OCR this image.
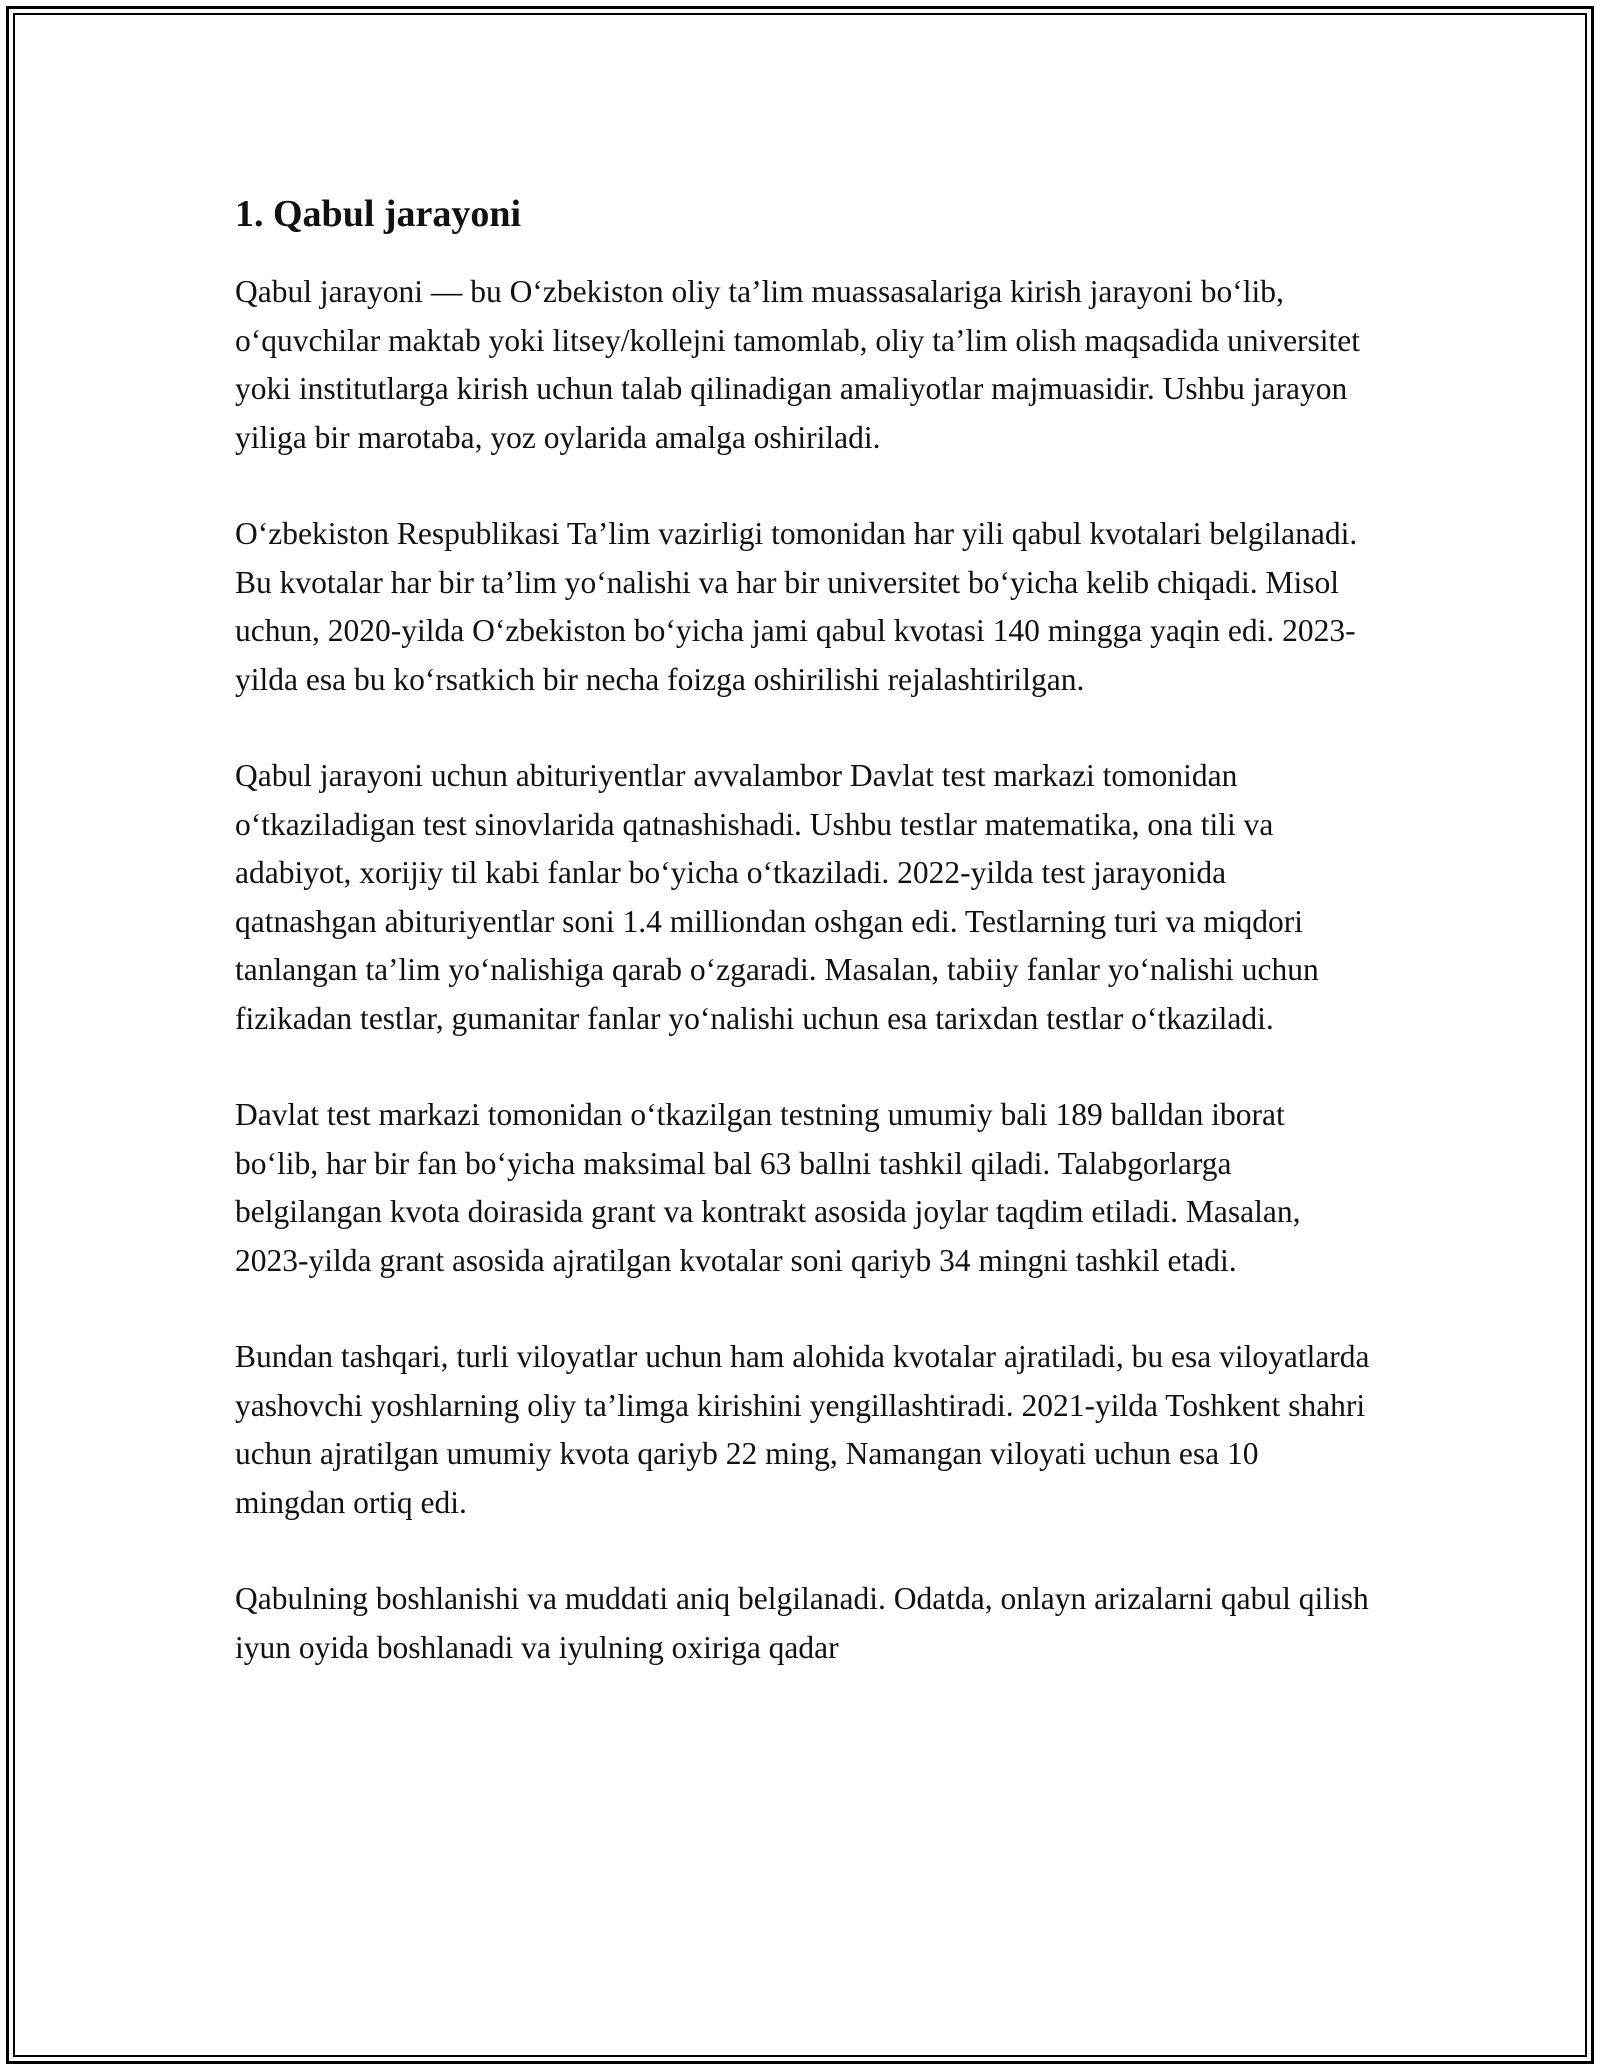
1. Qabul jarayoni

Qabul jarayoni — bu O‘zbekiston oliy ta’lim muassasalariga kirish jarayoni bo‘lib, o‘quvchilar maktab yoki litsey/kollejni tamomlab, oliy ta’lim olish maqsadida universitet yoki institutlarga kirish uchun talab qilinadigan amaliyotlar majmuasidir. Ushbu jarayon yiliga bir marotaba, yoz oylarida amalga oshiriladi.

O‘zbekiston Respublikasi Ta’lim vazirligi tomonidan har yili qabul kvotalari belgilanadi. Bu kvotalar har bir ta’lim yo‘nalishi va har bir universitet bo‘yicha kelib chiqadi. Misol uchun, 2020-yilda O‘zbekiston bo‘yicha jami qabul kvotasi 140 mingga yaqin edi. 2023-yilda esa bu ko‘rsatkich bir necha foizga oshirilishi rejalashtirilgan.

Qabul jarayoni uchun abituriyentlar avvalambor Davlat test markazi tomonidan o‘tkaziladigan test sinovlarida qatnashishadi. Ushbu testlar matematika, ona tili va adabiyot, xorijiy til kabi fanlar bo‘yicha o‘tkaziladi. 2022-yilda test jarayonida qatnashgan abituriyentlar soni 1.4 milliondan oshgan edi. Testlarning turi va miqdori tanlangan ta’lim yo‘nalishiga qarab o‘zgaradi. Masalan, tabiiy fanlar yo‘nalishi uchun fizikadan testlar, gumanitar fanlar yo‘nalishi uchun esa tarixdan testlar o‘tkaziladi.

Davlat test markazi tomonidan o‘tkazilgan testning umumiy bali 189 balldan iborat bo‘lib, har bir fan bo‘yicha maksimal bal 63 ballni tashkil qiladi. Talabgorlarga belgilangan kvota doirasida grant va kontrakt asosida joylar taqdim etiladi. Masalan, 2023-yilda grant asosida ajratilgan kvotalar soni qariyb 34 mingni tashkil etadi.

Bundan tashqari, turli viloyatlar uchun ham alohida kvotalar ajratiladi, bu esa viloyatlarda yashovchi yoshlarning oliy ta’limga kirishini yengillashtiradi. 2021-yilda Toshkent shahri uchun ajratilgan umumiy kvota qariyb 22 ming, Namangan viloyati uchun esa 10 mingdan ortiq edi.

Qabulning boshlanishi va muddati aniq belgilanadi. Odatda, onlayn arizalarni qabul qilish iyun oyida boshlanadi va iyulning oxiriga qadar
